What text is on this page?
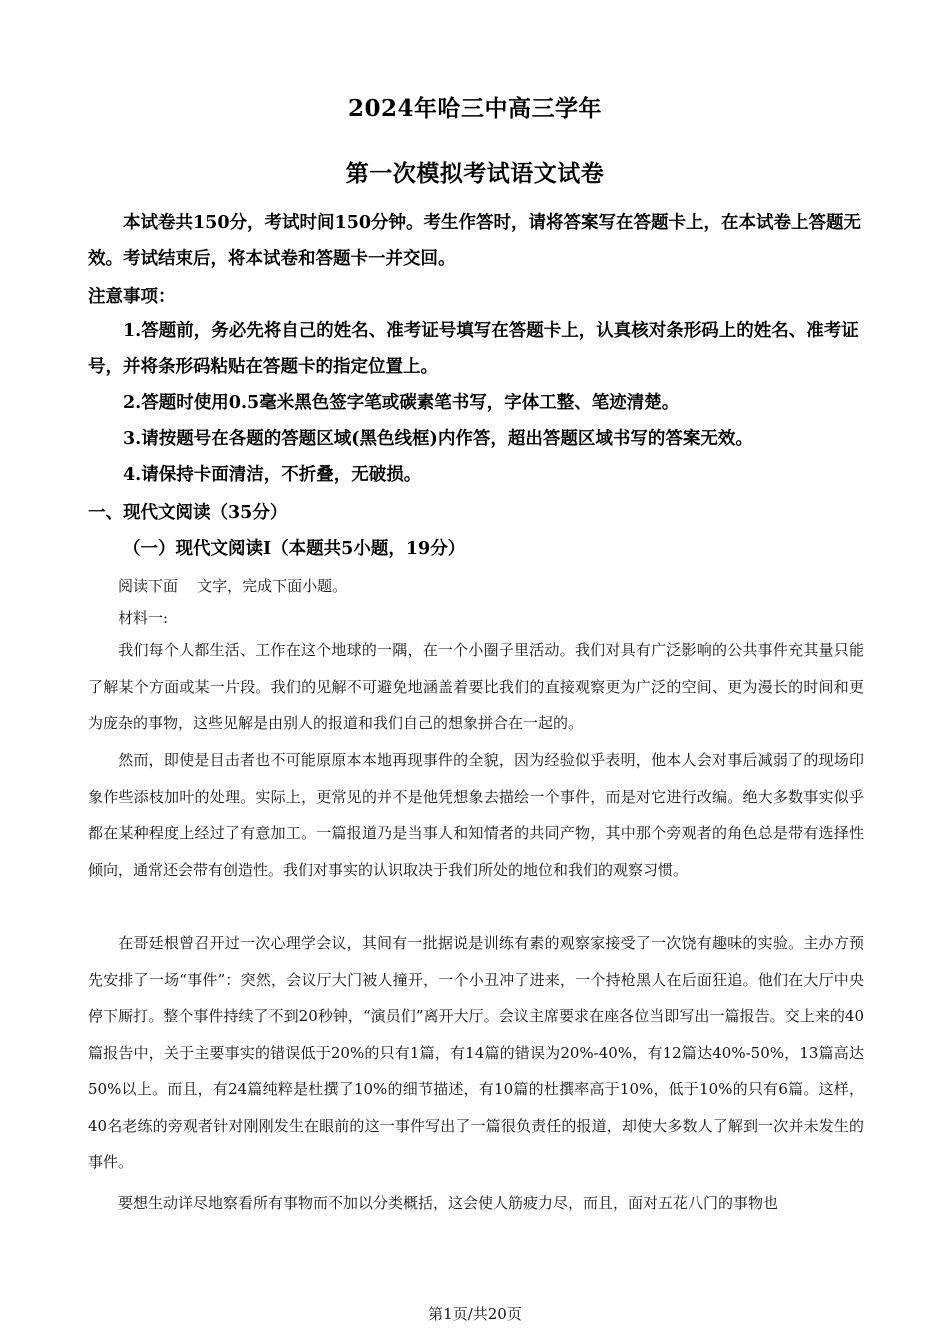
2024年哈三中高三学年
第一次模拟考试语文试卷
本试卷共150分，考试时间150分钟。考生作答时，请将答案写在答题卡上，在本试卷上答题无效。考试结束后，将本试卷和答题卡一并交回。
注意事项：
1.答题前，务必先将自己的姓名、准考证号填写在答题卡上，认真核对条形码上的姓名、准考证号，并将条形码粘贴在答题卡的指定位置上。
2.答题时使用0.5毫米黑色签字笔或碳素笔书写，字体工整、笔迹清楚。
3.请按题号在各题的答题区域(黑色线框)内作答，超出答题区域书写的答案无效。
4.请保持卡面清洁，不折叠，无破损。
一、现代文阅读（35分）
（一）现代文阅读Ⅰ（本题共5小题，19分）
阅读下面    文字，完成下面小题。
材料一:
我们每个人都生活、工作在这个地球的一隅，在一个小圈子里活动。我们对具有广泛影响的公共事件充其量只能了解某个方面或某一片段。我们的见解不可避免地涵盖着要比我们的直接观察更为广泛的空间、更为漫长的时间和更为庞杂的事物，这些见解是由别人的报道和我们自己的想象拼合在一起的。
然而，即使是目击者也不可能原原本本地再现事件的全貌，因为经验似乎表明，他本人会对事后减弱了的现场印象作些添枝加叶的处理。实际上，更常见的并不是他凭想象去描绘一个事件，而是对它进行改编。绝大多数事实似乎都在某种程度上经过了有意加工。一篇报道乃是当事人和知情者的共同产物，其中那个旁观者的角色总是带有选择性倾向，通常还会带有创造性。我们对事实的认识取决于我们所处的地位和我们的观察习惯。
在哥廷根曾召开过一次心理学会议，其间有一批据说是训练有素的观察家接受了一次饶有趣味的实验。主办方预先安排了一场“事件”：突然，会议厅大门被人撞开，一个小丑冲了进来，一个持枪黑人在后面狂追。他们在大厅中央停下厮打。整个事件持续了不到20秒钟，“演员们”离开大厅。会议主席要求在座各位当即写出一篇报告。交上来的40篇报告中，关于主要事实的错误低于20%的只有1篇，有14篇的错误为20%-40%，有12篇达40%-50%，13篇高达50%以上。而且，有24篇纯粹是杜撰了10%的细节描述，有10篇的杜撰率高于10%，低于10%的只有6篇。这样，40名老练的旁观者针对刚刚发生在眼前的这一事件写出了一篇很负责任的报道，却使大多数人了解到一次并未发生的事件。
要想生动详尽地察看所有事物而不加以分类概括，这会使人筋疲力尽，而且，面对五花八门的事物也
第1页/共20页
